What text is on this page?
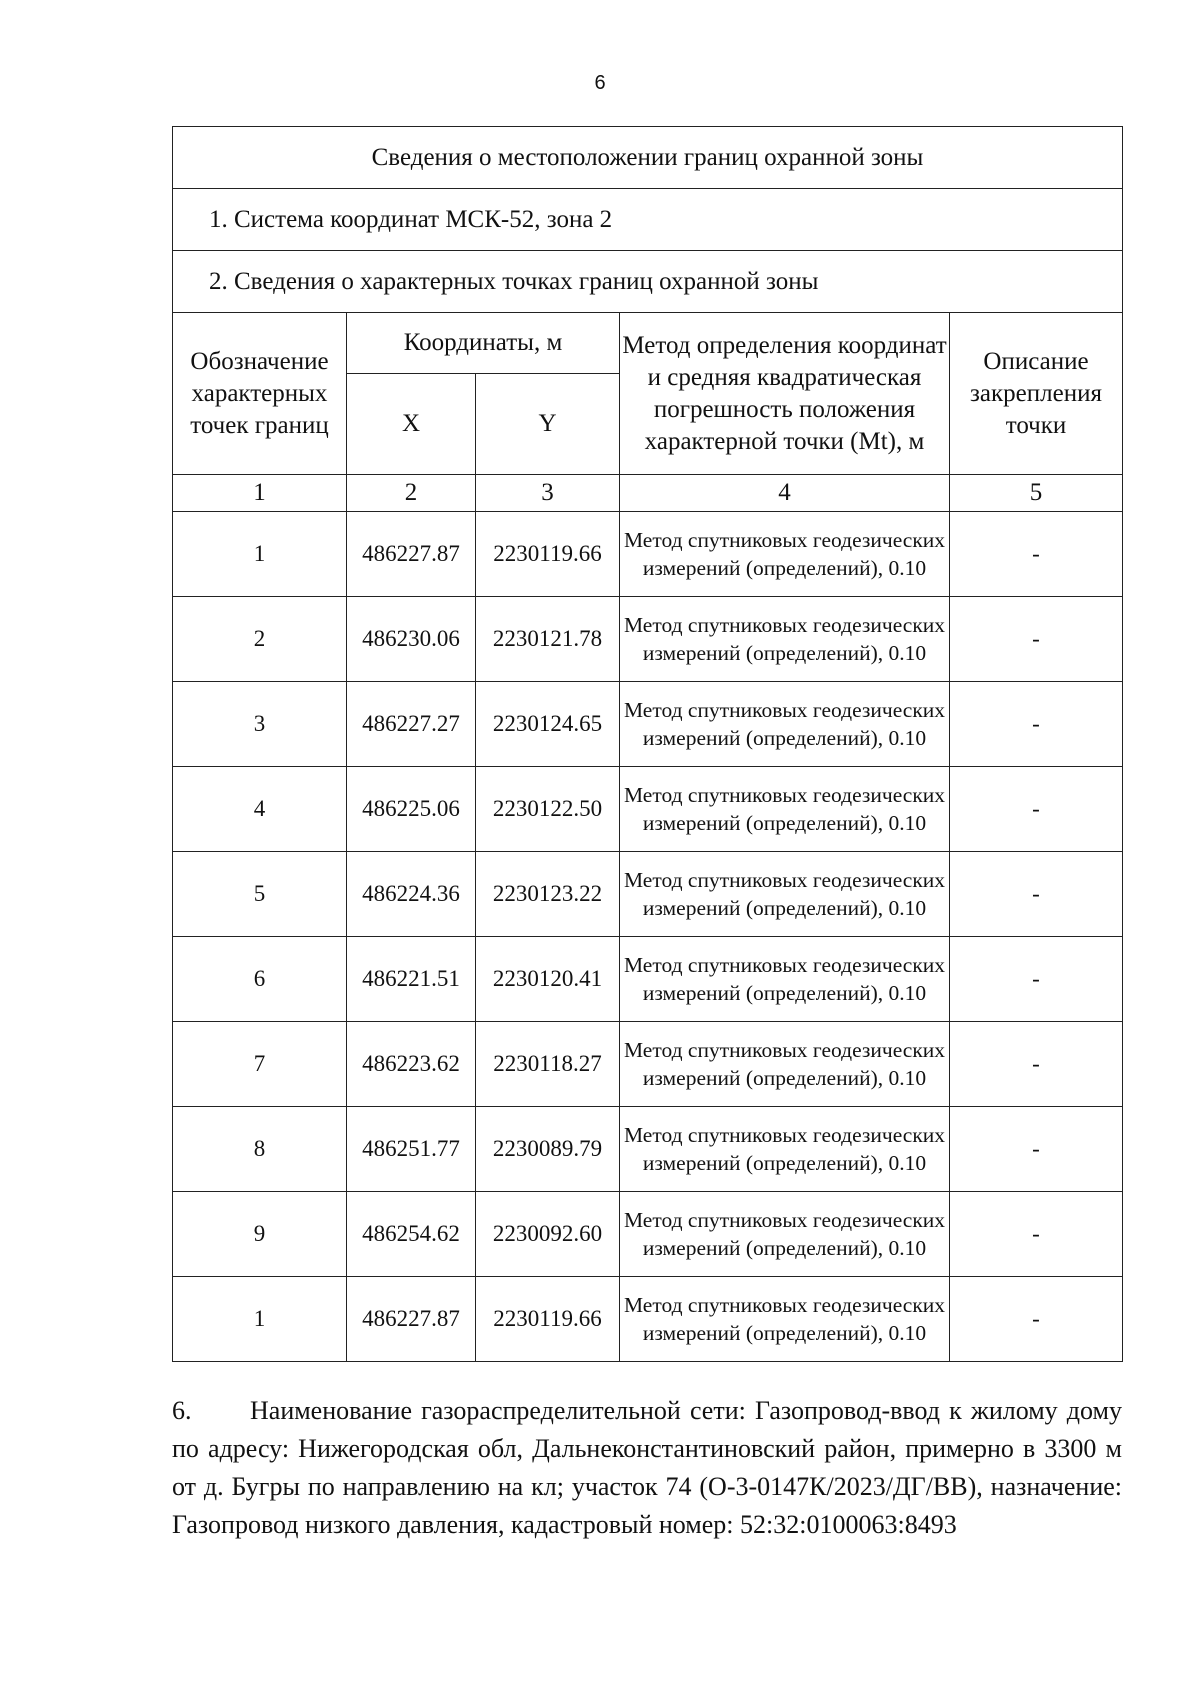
6
Сведения о местоположении границ охранной зоны				
1. Система координат МСК-52, зона 2				
2. Сведения о характерных точках границ охранной зоны				
Обозначение характерных точек границ	Координаты, м		Метод определения координат и средняя квадратическая погрешность положения характерной точки (Mt), м	Описание закрепления точки
	X	Y		
1	2	3	4	5
1	486227.87	2230119.66	Метод спутниковых геодезических измерений (определений), 0.10	-
2	486230.06	2230121.78	Метод спутниковых геодезических измерений (определений), 0.10	-
3	486227.27	2230124.65	Метод спутниковых геодезических измерений (определений), 0.10	-
4	486225.06	2230122.50	Метод спутниковых геодезических измерений (определений), 0.10	-
5	486224.36	2230123.22	Метод спутниковых геодезических измерений (определений), 0.10	-
6	486221.51	2230120.41	Метод спутниковых геодезических измерений (определений), 0.10	-
7	486223.62	2230118.27	Метод спутниковых геодезических измерений (определений), 0.10	-
8	486251.77	2230089.79	Метод спутниковых геодезических измерений (определений), 0.10	-
9	486254.62	2230092.60	Метод спутниковых геодезических измерений (определений), 0.10	-
1	486227.87	2230119.66	Метод спутниковых геодезических измерений (определений), 0.10	-
6. Наименование газораспределительной сети: Газопровод-ввод к жилому дому по адресу: Нижегородская обл, Дальнеконстантиновский район, примерно в 3300 м от д. Бугры по направлению на кл; участок 74 (О-3-0147К/2023/ДГ/ВВ), назначение: Газопровод низкого давления, кадастровый номер: 52:32:0100063:8493
